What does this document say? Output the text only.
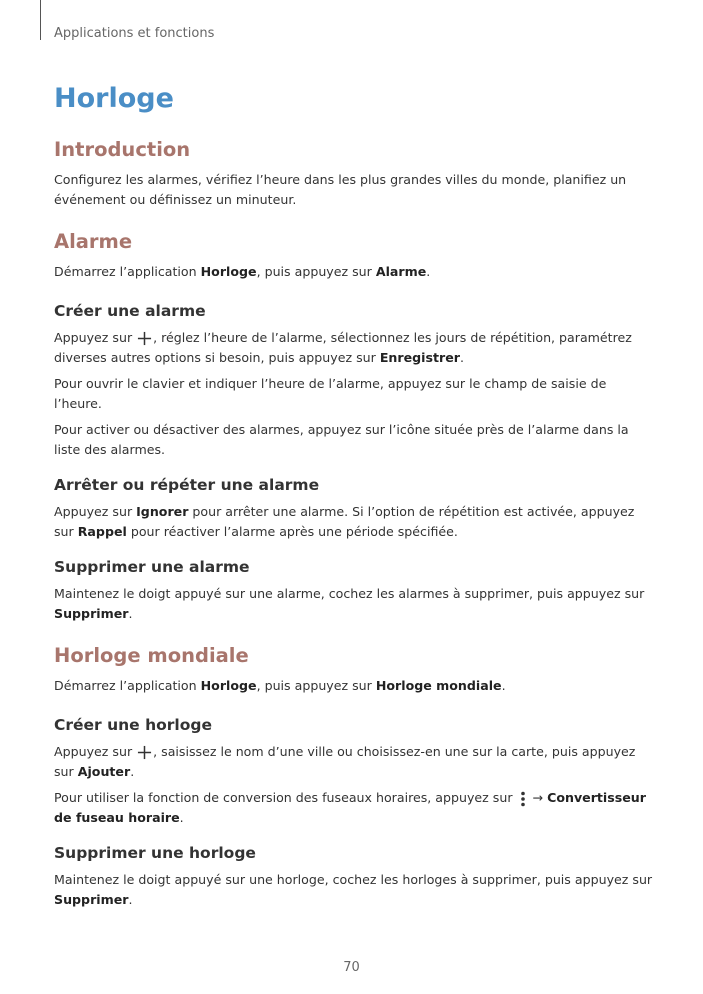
Applications et fonctions
Horloge
Introduction

Configurez les alarmes, vérifiez l’heure dans les plus grandes villes du monde, planifiez un événement ou définissez un minuteur.

Alarme

Démarrez l’application Horloge, puis appuyez sur Alarme.

Créer une alarme

Appuyez sur , réglez l’heure de l’alarme, sélectionnez les jours de répétition, paramétrez diverses autres options si besoin, puis appuyez sur Enregistrer.

Pour ouvrir le clavier et indiquer l’heure de l’alarme, appuyez sur le champ de saisie de l’heure.

Pour activer ou désactiver des alarmes, appuyez sur l’icône située près de l’alarme dans la liste des alarmes.

Arrêter ou répéter une alarme

Appuyez sur Ignorer pour arrêter une alarme. Si l’option de répétition est activée, appuyez sur Rappel pour réactiver l’alarme après une période spécifiée.

Supprimer une alarme

Maintenez le doigt appuyé sur une alarme, cochez les alarmes à supprimer, puis appuyez sur Supprimer.

Horloge mondiale

Démarrez l’application Horloge, puis appuyez sur Horloge mondiale.

Créer une horloge

Appuyez sur , saisissez le nom d’une ville ou choisissez-en une sur la carte, puis appuyez sur Ajouter.

Pour utiliser la fonction de conversion des fuseaux horaires, appuyez sur  → Convertisseur de fuseau horaire.

Supprimer une horloge

Maintenez le doigt appuyé sur une horloge, cochez les horloges à supprimer, puis appuyez sur Supprimer.

70
